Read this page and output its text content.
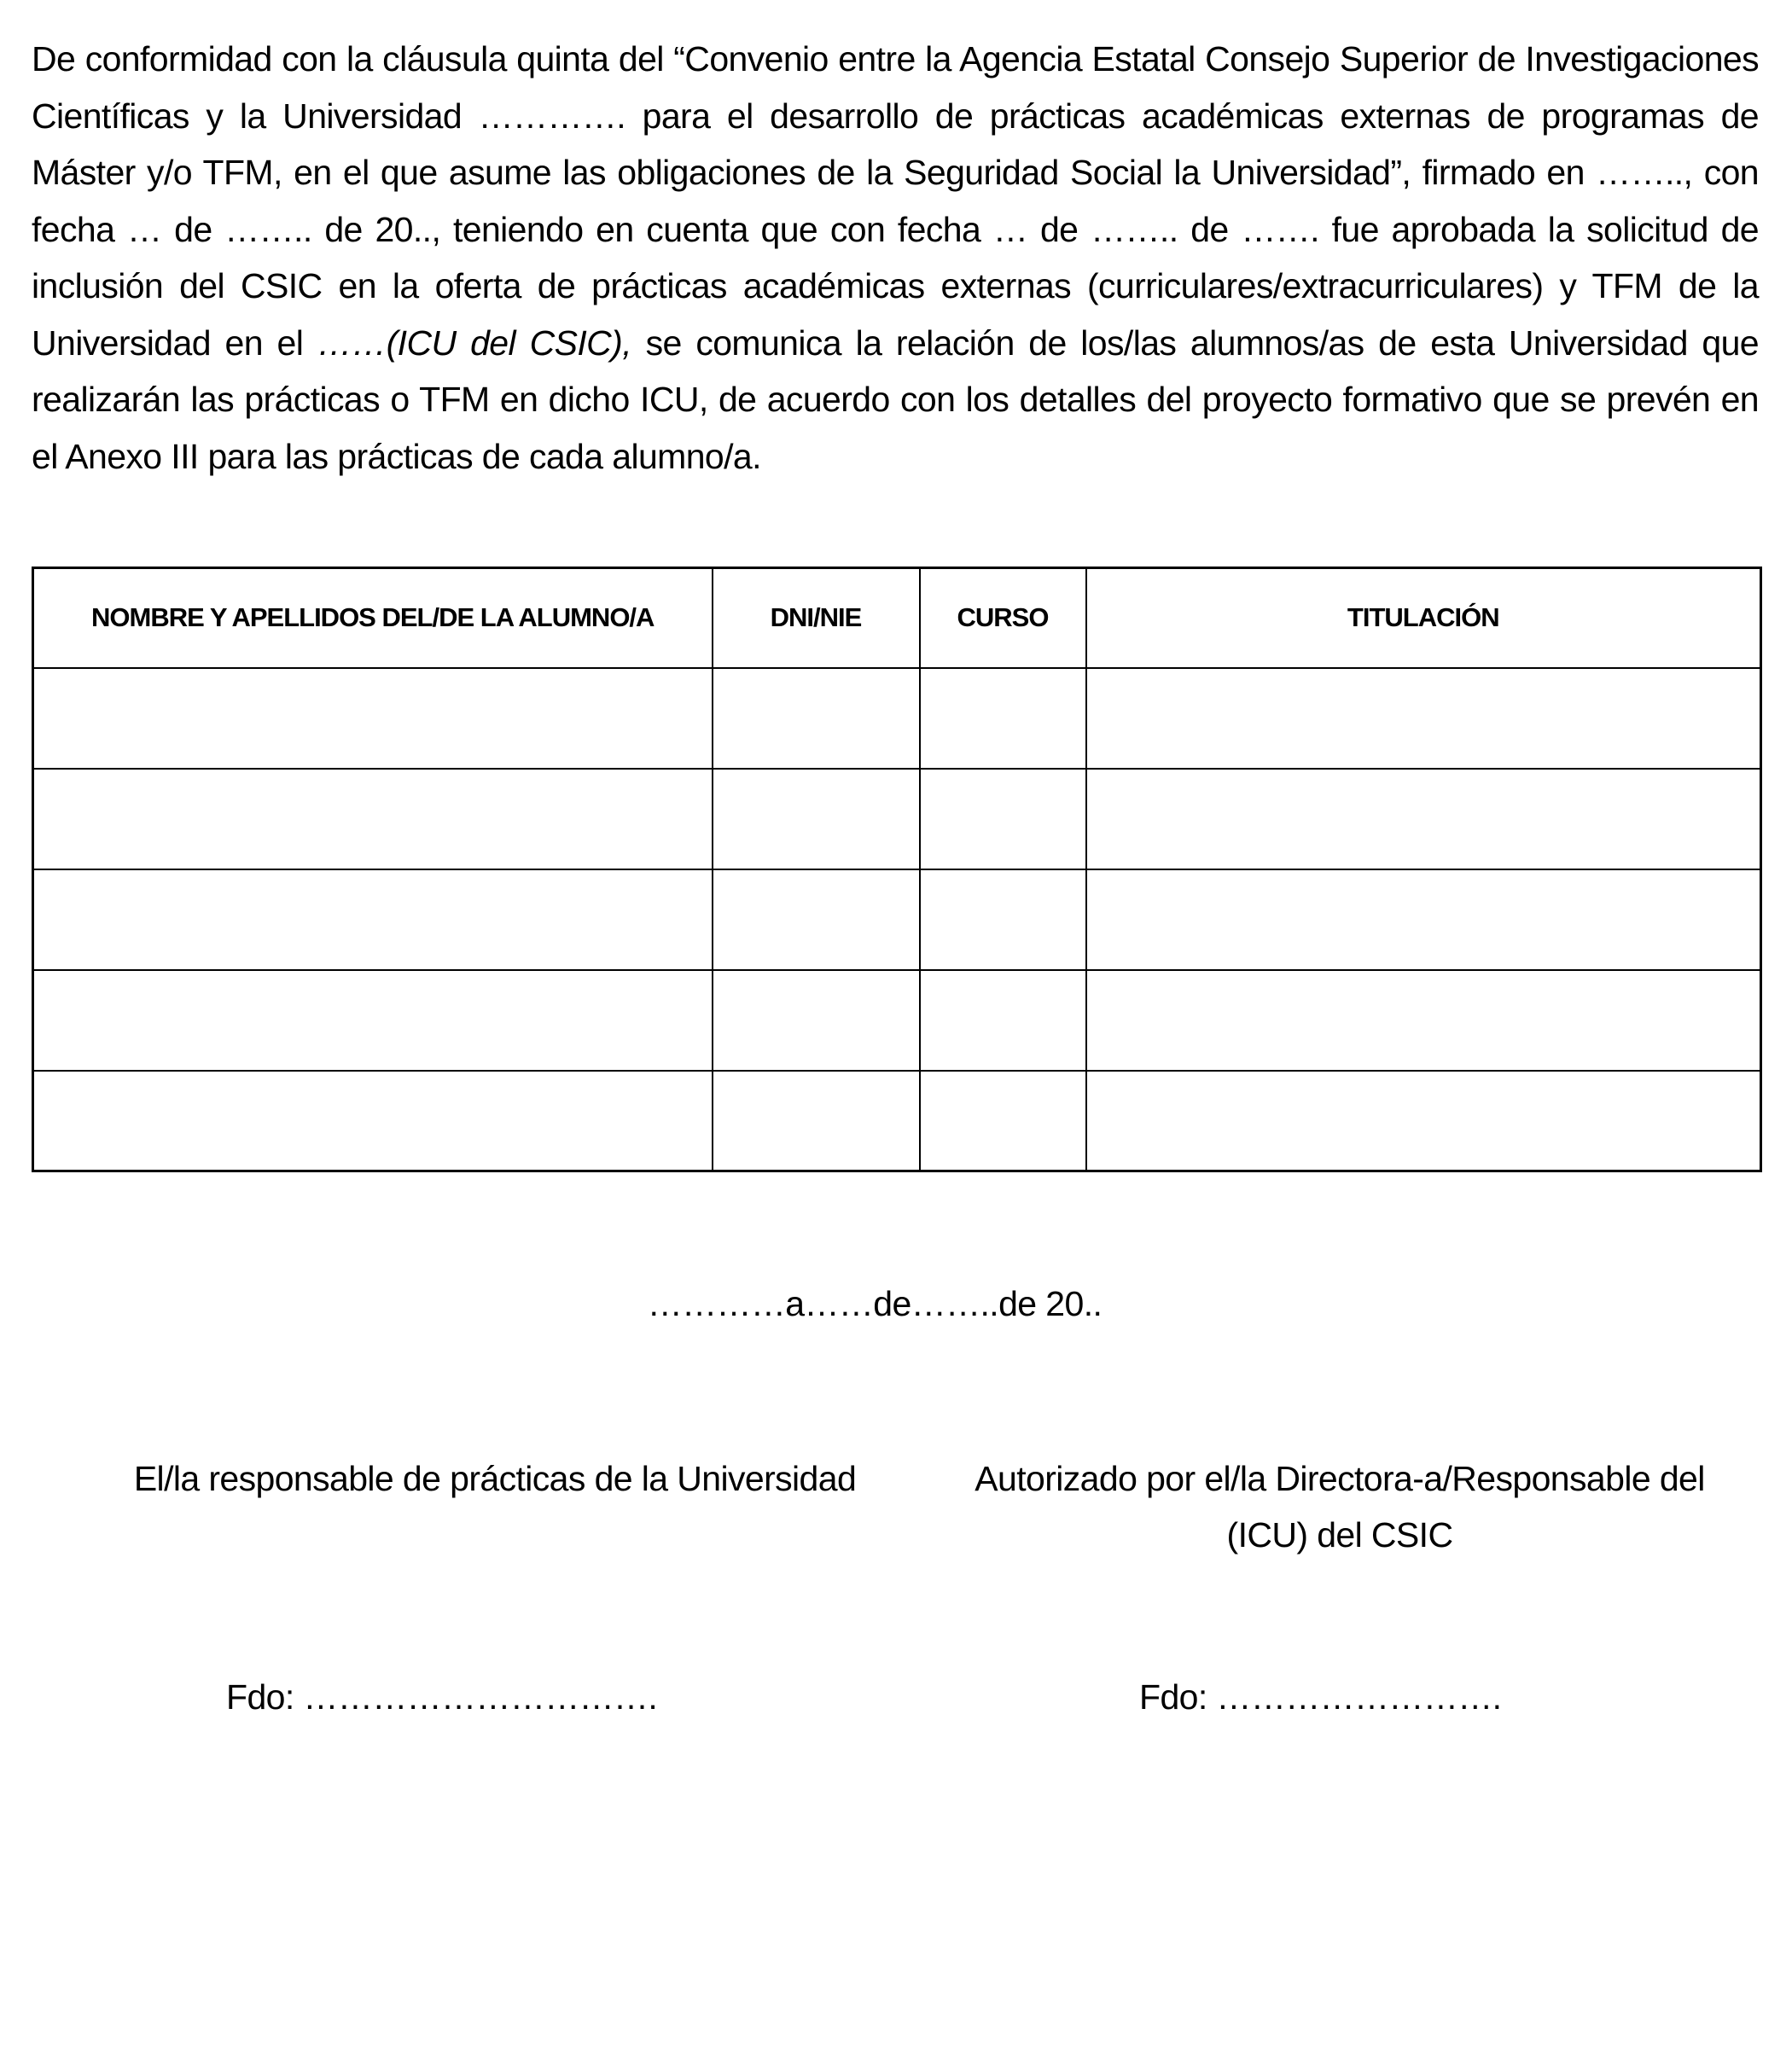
De conformidad con la cláusula quinta del “Convenio entre la Agencia Estatal Consejo Superior de Investigaciones Científicas y la Universidad …………. para el desarrollo de prácticas académicas externas de programas de Máster y/o TFM, en el que asume las obligaciones de la Seguridad Social la Universidad”, firmado en …….., con fecha … de …….. de 20.., teniendo en cuenta que con fecha … de …….. de ……. fue aprobada la solicitud de inclusión del CSIC en la oferta de prácticas académicas externas (curriculares/extracurriculares) y TFM de la Universidad en el ……(ICU del CSIC), se comunica la relación de los/las alumnos/as de esta Universidad que realizarán las prácticas o TFM en dicho ICU, de acuerdo con los detalles del proyecto formativo que se prevén en el Anexo III para las prácticas de cada alumno/a.
NOMBRE Y APELLIDOS DEL/DE LA ALUMNO/A	DNI/NIE	CURSO	TITULACIÓN

…………a……de……..de 20..
El/la responsable de prácticas de la Universidad	Autorizado por el/la Directora-a/Responsable del
(ICU) del CSIC
Fdo: ………………………….	Fdo: …………………….
